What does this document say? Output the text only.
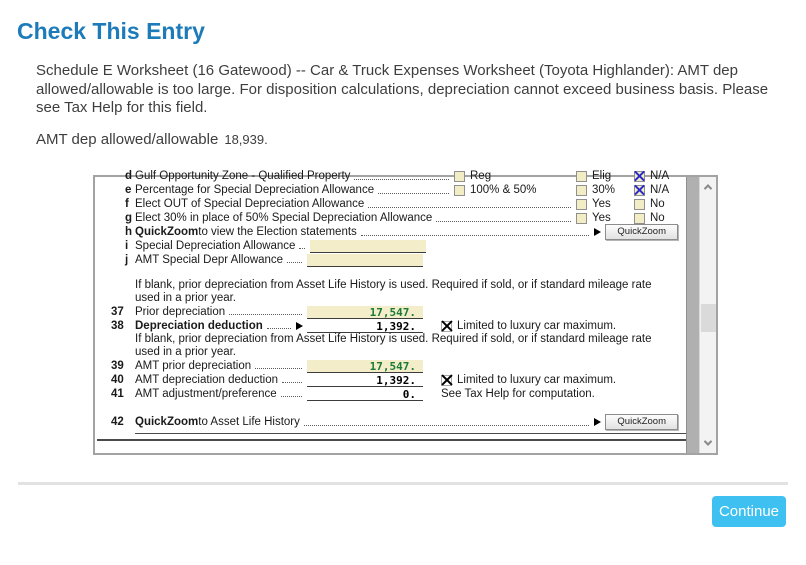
Check This Entry
Schedule E Worksheet (16 Gatewood) -- Car & Truck Expenses Worksheet (Toyota Highlander): AMT dep allowed/allowable is too large. For disposition calculations, depreciation cannot exceed business basis. Please see Tax Help for this field.
AMT dep allowed/allowable 18,939.
d Gulf Opportunity Zone - Qualified Property	Reg	Elig	N/A
e Percentage for Special Depreciation Allowance	100% & 50%	30%	N/A
f Elect OUT of Special Depreciation Allowance	Yes	No
g Elect 30% in place of 50% Special Depreciation Allowance	Yes	No
h QuickZoom to view the Election statements	QuickZoom
i Special Depreciation Allowance
j AMT Special Depr Allowance
If blank, prior depreciation from Asset Life History is used. Required if sold, or if standard mileage rate used in a prior year.
37 Prior depreciation	17,547.
38 Depreciation deduction	1,392.	Limited to luxury car maximum.
If blank, prior depreciation from Asset Life History is used. Required if sold, or if standard mileage rate used in a prior year.
39 AMT prior depreciation	17,547.
40 AMT depreciation deduction	1,392.	Limited to luxury car maximum.
41 AMT adjustment/preference	0.	See Tax Help for computation.
42 QuickZoom to Asset Life History	QuickZoom
Continue
